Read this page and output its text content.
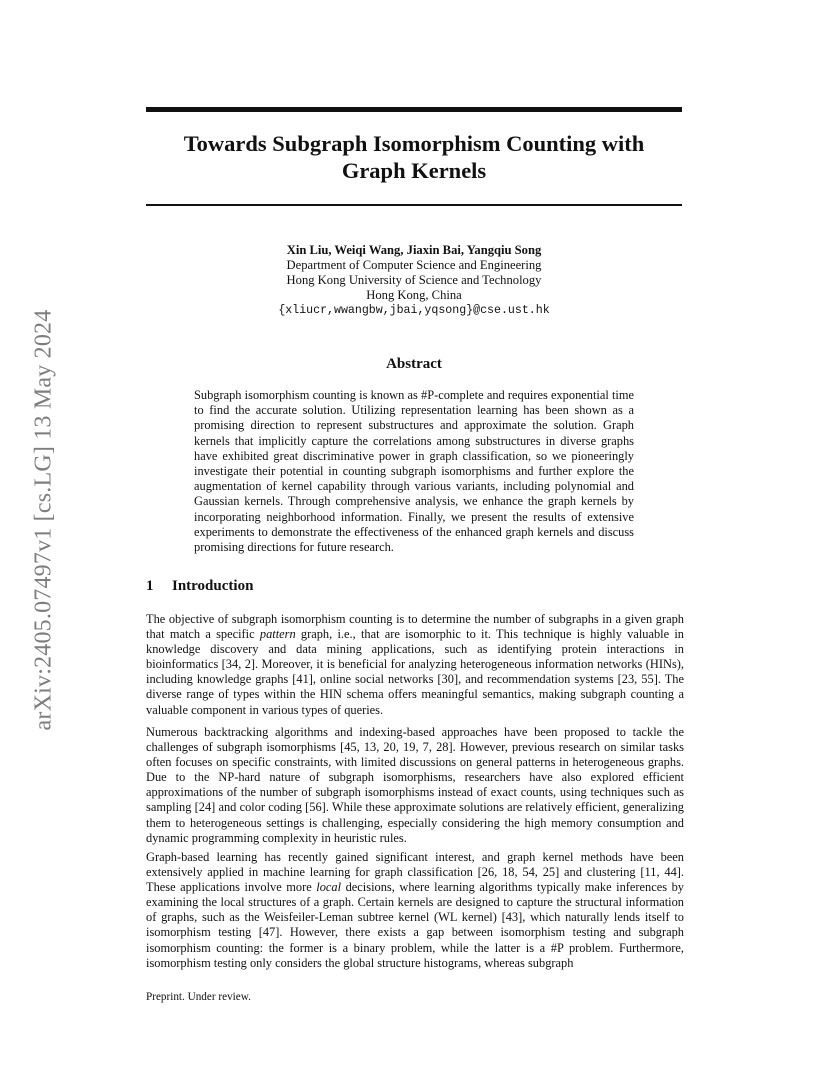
arXiv:2405.07497v1 [cs.LG] 13 May 2024
Towards Subgraph Isomorphism Counting with
Graph Kernels
Xin Liu, Weiqi Wang, Jiaxin Bai, Yangqiu Song
Department of Computer Science and Engineering
Hong Kong University of Science and Technology
Hong Kong, China
{xliucr,wwangbw,jbai,yqsong}@cse.ust.hk
Abstract

Subgraph isomorphism counting is known as #P-complete and requires exponential time to find the accurate solution. Utilizing representation learning has been shown as a promising direction to represent substructures and approximate the solution. Graph kernels that implicitly capture the correlations among substructures in diverse graphs have exhibited great discriminative power in graph classification, so we pioneeringly investigate their potential in counting subgraph isomorphisms and further explore the augmentation of kernel capability through various variants, including polynomial and Gaussian kernels. Through comprehensive analysis, we enhance the graph kernels by incorporating neighborhood information. Finally, we present the results of extensive experiments to demonstrate the effectiveness of the enhanced graph kernels and discuss promising directions for future research.

1 Introduction

The objective of subgraph isomorphism counting is to determine the number of subgraphs in a given graph that match a specific pattern graph, i.e., that are isomorphic to it. This technique is highly valuable in knowledge discovery and data mining applications, such as identifying protein interactions in bioinformatics [34, 2]. Moreover, it is beneficial for analyzing heterogeneous information networks (HINs), including knowledge graphs [41], online social networks [30], and recommendation systems [23, 55]. The diverse range of types within the HIN schema offers meaningful semantics, making subgraph counting a valuable component in various types of queries.

Numerous backtracking algorithms and indexing-based approaches have been proposed to tackle the challenges of subgraph isomorphisms [45, 13, 20, 19, 7, 28]. However, previous research on similar tasks often focuses on specific constraints, with limited discussions on general patterns in heterogeneous graphs. Due to the NP-hard nature of subgraph isomorphisms, researchers have also explored efficient approximations of the number of subgraph isomorphisms instead of exact counts, using techniques such as sampling [24] and color coding [56]. While these approximate solutions are relatively efficient, generalizing them to heterogeneous settings is challenging, especially considering the high memory consumption and dynamic programming complexity in heuristic rules.

Graph-based learning has recently gained significant interest, and graph kernel methods have been extensively applied in machine learning for graph classification [26, 18, 54, 25] and clustering [11, 44]. These applications involve more local decisions, where learning algorithms typically make inferences by examining the local structures of a graph. Certain kernels are designed to capture the structural information of graphs, such as the Weisfeiler-Leman subtree kernel (WL kernel) [43], which naturally lends itself to isomorphism testing [47]. However, there exists a gap between isomorphism testing and subgraph isomorphism counting: the former is a binary problem, while the latter is a #P problem. Furthermore, isomorphism testing only considers the global structure histograms, whereas subgraph

Preprint. Under review.
